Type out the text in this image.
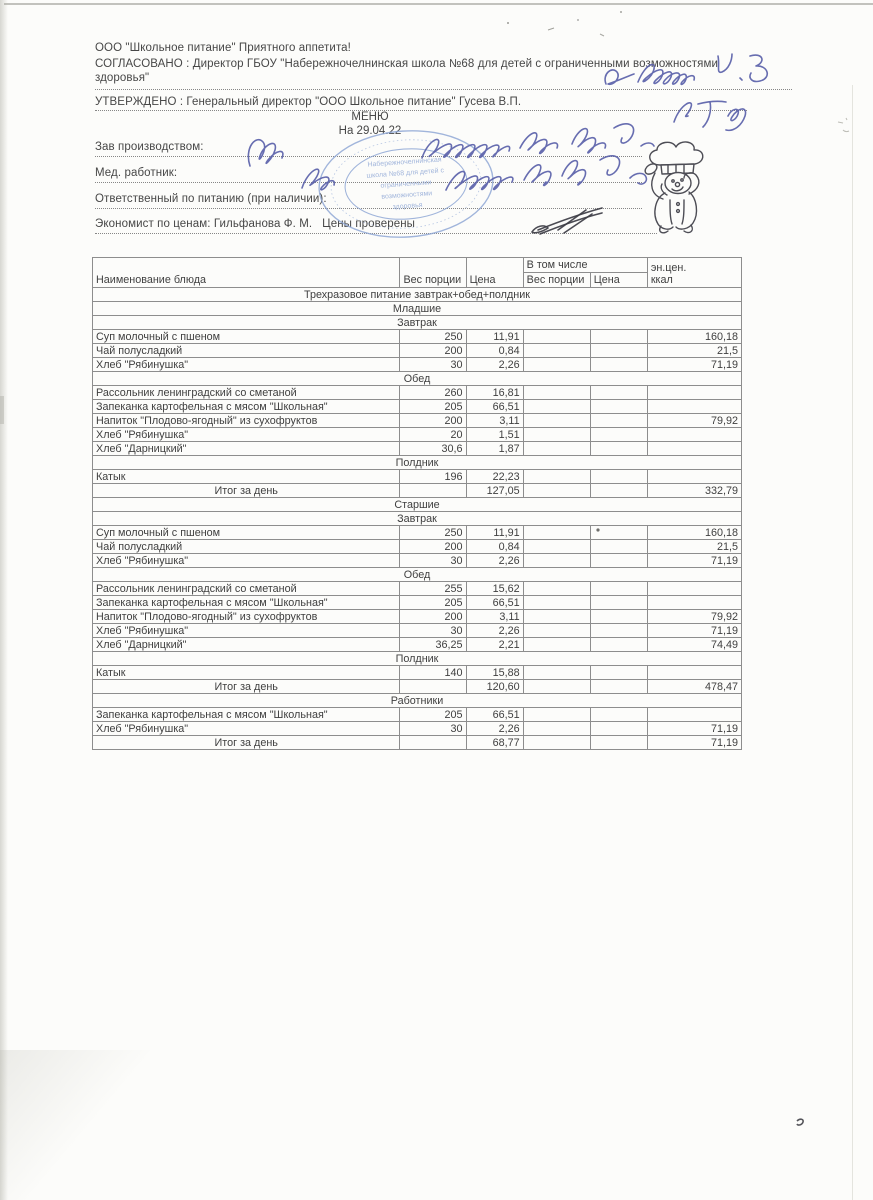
ООО "Школьное питание" Приятного аппетита!
СОГЛАСОВАНО : Директор ГБОУ "Набережночелнинская школа №68 для детей с ограниченными возможностями
здоровья"
УТВЕРЖДЕНО : Генеральный директор "ООО Школьное питание" Гусева В.П.
МЕНЮ
На 29.04.22
Зав производством:
Мед. работник:
Ответственный по питанию (при наличии):
Экономист по ценам: Гильфанова Ф. М.   Цены проверены
Набережночелнинская
школа №68 для детей с
ограниченными
возможностями
здоровья
Наименование блюда	Вес порции	Цена	В том числе		эн.цен.
ккал

			Вес порции	Цена	
Трехразовое питание завтрак+обед+полдник					
Младшие					
Завтрак					
Суп молочный с пшеном	250	11,91			160,18
Чай полусладкий	200	0,84			21,5
Хлеб "Рябинушка"	30	2,26			71,19
Обед					
Рассольник ленинградский со сметаной	260	16,81			
Запеканка картофельная с мясом "Школьная"	205	66,51			
Напиток "Плодово-ягодный" из сухофруктов	200	3,11			79,92
Хлеб "Рябинушка"	20	1,51			
Хлеб "Дарницкий"	30,6	1,87			
Полдник					
Катык	196	22,23			
Итог за день		127,05			332,79
Старшие					
Завтрак					
Суп молочный с пшеном	250	11,91			160,18
Чай полусладкий	200	0,84			21,5
Хлеб "Рябинушка"	30	2,26			71,19
Обед					
Рассольник ленинградский со сметаной	255	15,62			
Запеканка картофельная с мясом "Школьная"	205	66,51			
Напиток "Плодово-ягодный" из сухофруктов	200	3,11			79,92
Хлеб "Рябинушка"	30	2,26			71,19
Хлеб "Дарницкий"	36,25	2,21			74,49
Полдник					
Катык	140	15,88			
Итог за день		120,60			478,47
Работники					
Запеканка картофельная с мясом "Школьная"	205	66,51			
Хлеб "Рябинушка"	30	2,26			71,19
Итог за день		68,77			71,19
